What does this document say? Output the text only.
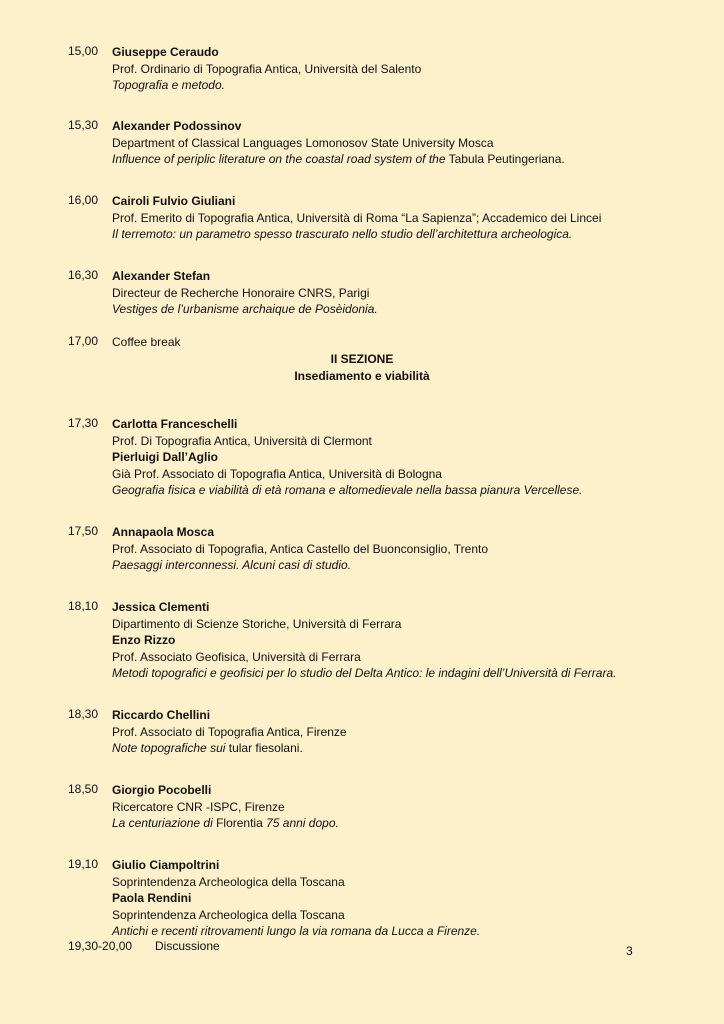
15,00	Giuseppe Ceraudo
Prof. Ordinario di Topografia Antica, Università del Salento
Topografia e metodo.
15,30	Alexander Podossinov
Department of Classical Languages Lomonosov State University Mosca
Influence of periplic literature on the coastal road system of the Tabula Peutingeriana.
16,00	Cairoli Fulvio Giuliani
Prof. Emerito di Topografia Antica, Università di Roma “La Sapienza”; Accademico dei Lincei
Il terremoto: un parametro spesso trascurato nello studio dell’architettura archeologica.
16,30	Alexander Stefan
Directeur de Recherche Honoraire CNRS, Parigi
Vestiges de l’urbanisme archaique de Posèidonia.
17,00	Coffee break
II SEZIONE
Insediamento e viabilità
17,30	Carlotta Franceschelli
Prof. Di Topografia Antica, Università di Clermont
Pierluigi Dall’Aglio
Già Prof. Associato di Topografia Antica, Università di Bologna
Geografia fisica e viabilità di età romana e altomedievale nella bassa pianura Vercellese.
17,50	Annapaola Mosca
Prof. Associato di Topografia, Antica Castello del Buonconsiglio, Trento
Paesaggi interconnessi. Alcuni casi di studio.
18,10	Jessica Clementi
Dipartimento di Scienze Storiche, Università di Ferrara
Enzo Rizzo
Prof. Associato Geofisica, Università di Ferrara
Metodi topografici e geofisici per lo studio del Delta Antico: le indagini dell’Università di Ferrara.
18,30	Riccardo Chellini
Prof. Associato di Topografia Antica, Firenze
Note topografiche sui tular fiesolani.
18,50	Giorgio Pocobelli
Ricercatore CNR -ISPC, Firenze
La centuriazione di Florentia 75 anni dopo.
19,10	Giulio Ciampoltrini
Soprintendenza Archeologica della Toscana
Paola Rendini
Soprintendenza Archeologica della Toscana
Antichi e recenti ritrovamenti lungo la via romana da Lucca a Firenze.
19,30-20,00 Discussione	3
